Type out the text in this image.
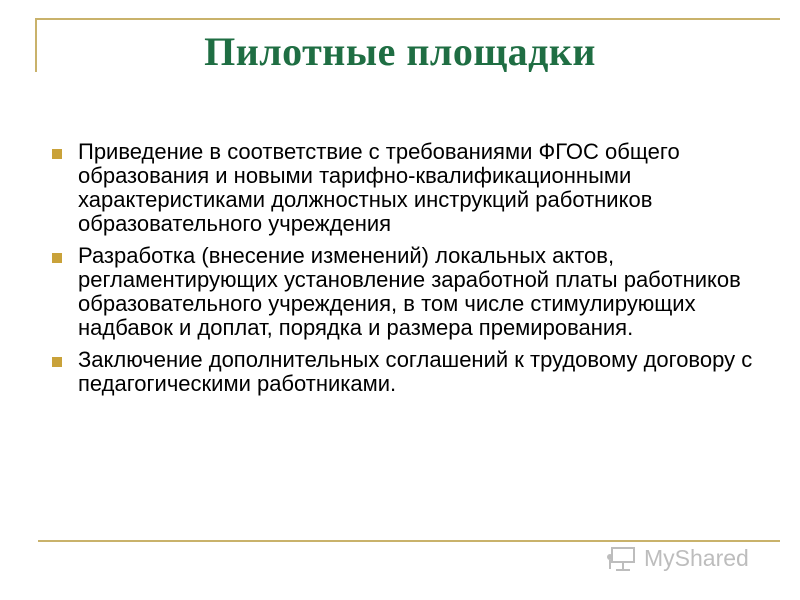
Пилотные площадки
Приведение в соответствие с требованиями ФГОС общего образования и новыми тарифно-квалификационными характеристиками должностных инструкций работников образовательного учреждения
Разработка (внесение изменений) локальных актов, регламентирующих установление заработной платы работников образовательного учреждения, в том числе стимулирующих надбавок и доплат, порядка и размера премирования.
Заключение дополнительных соглашений к трудовому договору с педагогическими работниками.
MyShared
